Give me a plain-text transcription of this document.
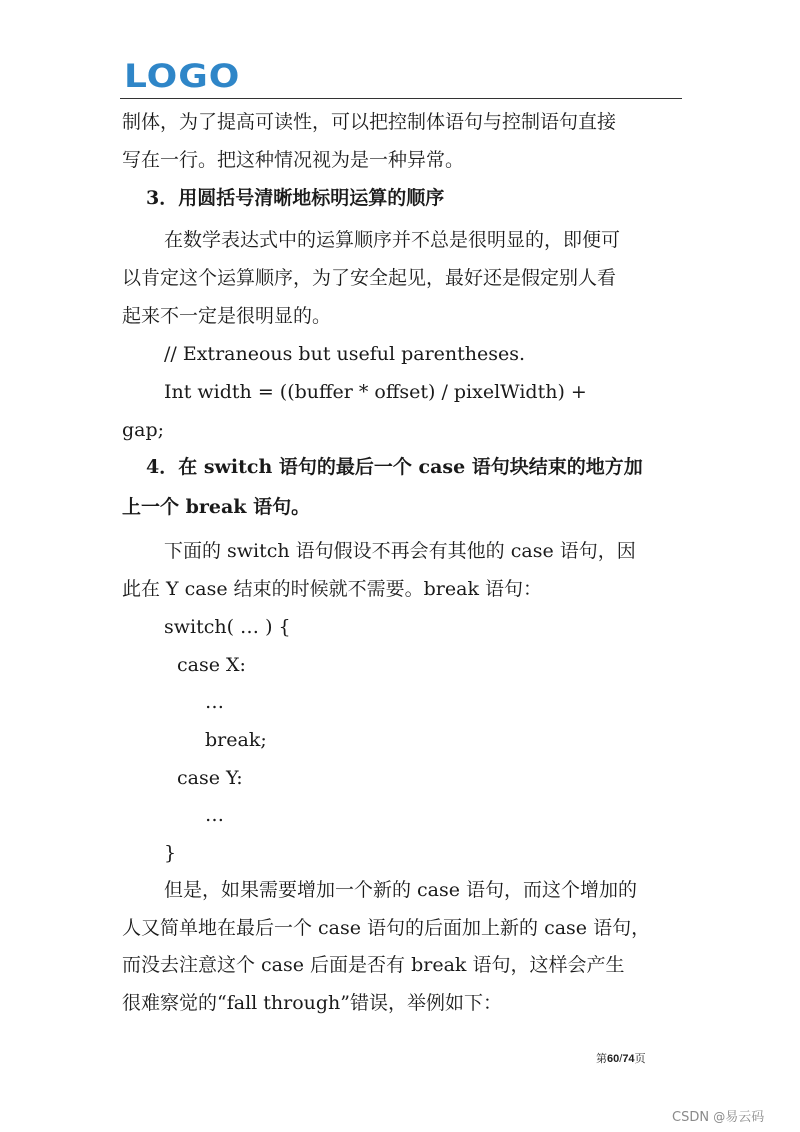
LOGO
制体，为了提高可读性，可以把控制体语句与控制语句直接
写在一行。把这种情况视为是一种异常。
3．用圆括号清晰地标明运算的顺序
在数学表达式中的运算顺序并不总是很明显的，即便可
以肯定这个运算顺序，为了安全起见，最好还是假定别人看
起来不一定是很明显的。
// Extraneous but useful parentheses.
Int width = ((buffer * offset) / pixelWidth) +
gap;
4．在 switch 语句的最后一个 case 语句块结束的地方加
上一个 break 语句。
下面的 switch 语句假设不再会有其他的 case 语句，因
此在 Y case 结束的时候就不需要。break 语句：
switch( … ) {
case X:
…
break;
case Y:
…
}
但是，如果需要增加一个新的 case 语句，而这个增加的
人又简单地在最后一个 case 语句的后面加上新的 case 语句，
而没去注意这个 case 后面是否有 break 语句，这样会产生
很难察觉的“fall through”错误，举例如下：
第60/74页
CSDN @易云码
